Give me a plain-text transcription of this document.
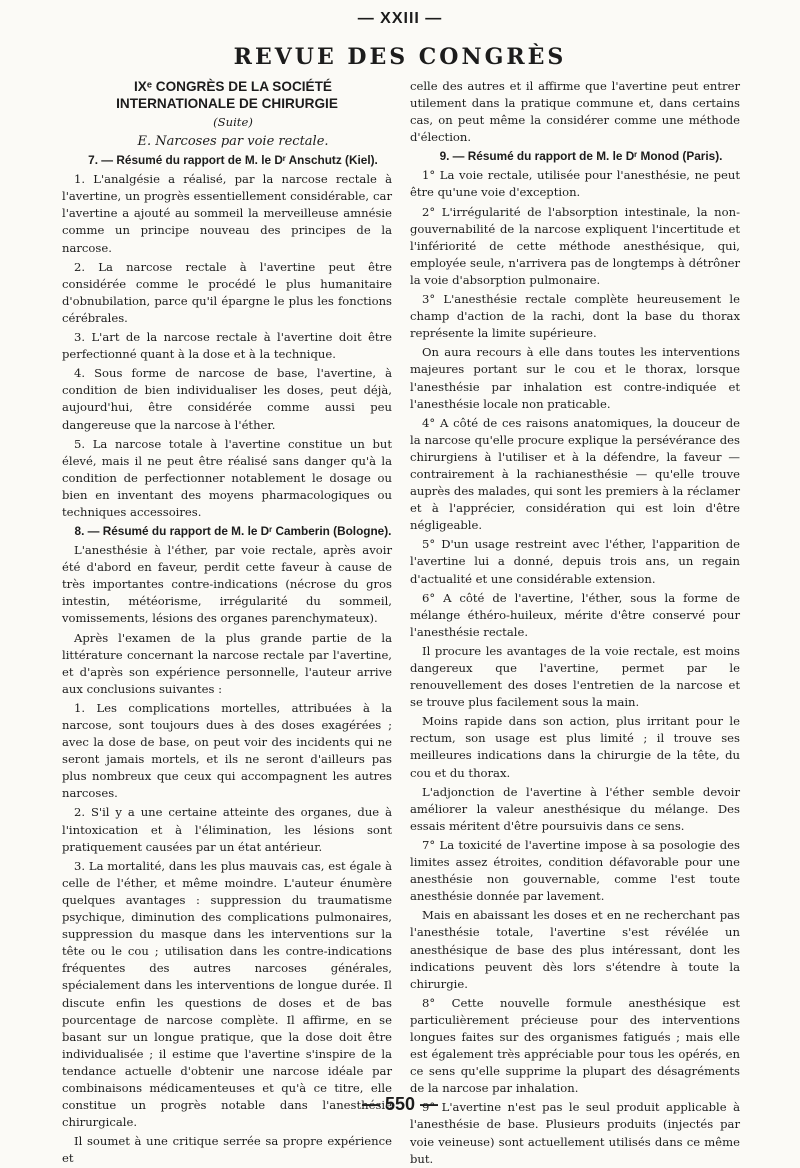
— XXIII —
REVUE DES CONGRÈS

IXᵉ CONGRÈS DE LA SOCIÉTÉ INTERNATIONALE DE CHIRURGIE

(Suite)

E. Narcoses par voie rectale.

7. — Résumé du rapport de M. le Dʳ Anschutz (Kiel).

1. L'analgésie a réalisé, par la narcose rectale à l'avertine, un progrès essentiellement considérable, car l'avertine a ajouté au sommeil la merveilleuse amnésie comme un principe nouveau des principes de la narcose.

2. La narcose rectale à l'avertine peut être considérée comme le procédé le plus humanitaire d'obnubilation, parce qu'il épargne le plus les fonctions cérébrales.

3. L'art de la narcose rectale à l'avertine doit être perfectionné quant à la dose et à la technique.

4. Sous forme de narcose de base, l'avertine, à condition de bien individualiser les doses, peut déjà, aujourd'hui, être considérée comme aussi peu dangereuse que la narcose à l'éther.

5. La narcose totale à l'avertine constitue un but élevé, mais il ne peut être réalisé sans danger qu'à la condition de perfectionner notablement le dosage ou bien en inventant des moyens pharmacologiques ou techniques accessoires.

8. — Résumé du rapport de M. le Dʳ Camberin (Bologne).

L'anesthésie à l'éther, par voie rectale, après avoir été d'abord en faveur, perdit cette faveur à cause de très importantes contre-indications (nécrose du gros intestin, météorisme, irrégularité du sommeil, vomissements, lésions des organes parenchymateux).

Après l'examen de la plus grande partie de la littérature concernant la narcose rectale par l'avertine, et d'après son expérience personnelle, l'auteur arrive aux conclusions suivantes :

1. Les complications mortelles, attribuées à la narcose, sont toujours dues à des doses exagérées ; avec la dose de base, on peut voir des incidents qui ne seront jamais mortels, et ils ne seront d'ailleurs pas plus nombreux que ceux qui accompagnent les autres narcoses.

2. S'il y a une certaine atteinte des organes, due à l'intoxication et à l'élimination, les lésions sont pratiquement causées par un état antérieur.

3. La mortalité, dans les plus mauvais cas, est égale à celle de l'éther, et même moindre. L'auteur énumère quelques avantages : suppression du traumatisme psychique, diminution des complications pulmonaires, suppression du masque dans les interventions sur la tête ou le cou ; utilisation dans les contre-indications fréquentes des autres narcoses générales, spécialement dans les interventions de longue durée. Il discute enfin les questions de doses et de bas pourcentage de narcose complète. Il affirme, en se basant sur un longue pratique, que la dose doit être individualisée ; il estime que l'avertine s'inspire de la tendance actuelle d'obtenir une narcose idéale par combinaisons médicamenteuses et qu'à ce titre, elle constitue un progrès notable dans l'anesthésie chirurgicale.

Il soumet à une critique serrée sa propre expérience et

celle des autres et il affirme que l'avertine peut entrer utilement dans la pratique commune et, dans certains cas, on peut même la considérer comme une méthode d'élection.

9. — Résumé du rapport de M. le Dʳ Monod (Paris).

1° La voie rectale, utilisée pour l'anesthésie, ne peut être qu'une voie d'exception.

2° L'irrégularité de l'absorption intestinale, la non-gouvernabilité de la narcose expliquent l'incertitude et l'infériorité de cette méthode anesthésique, qui, employée seule, n'arrivera pas de longtemps à détrôner la voie d'absorption pulmonaire.

3° L'anesthésie rectale complète heureusement le champ d'action de la rachi, dont la base du thorax représente la limite supérieure.

On aura recours à elle dans toutes les interventions majeures portant sur le cou et le thorax, lorsque l'anesthésie par inhalation est contre-indiquée et l'anesthésie locale non praticable.

4° A côté de ces raisons anatomiques, la douceur de la narcose qu'elle procure explique la persévérance des chirurgiens à l'utiliser et à la défendre, la faveur — contrairement à la rachianesthésie — qu'elle trouve auprès des malades, qui sont les premiers à la réclamer et à l'apprécier, considération qui est loin d'être négligeable.

5° D'un usage restreint avec l'éther, l'apparition de l'avertine lui a donné, depuis trois ans, un regain d'actualité et une considérable extension.

6° A côté de l'avertine, l'éther, sous la forme de mélange éthéro-huileux, mérite d'être conservé pour l'anesthésie rectale.

Il procure les avantages de la voie rectale, est moins dangereux que l'avertine, permet par le renouvellement des doses l'entretien de la narcose et se trouve plus facilement sous la main.

Moins rapide dans son action, plus irritant pour le rectum, son usage est plus limité ; il trouve ses meilleures indications dans la chirurgie de la tête, du cou et du thorax.

L'adjonction de l'avertine à l'éther semble devoir améliorer la valeur anesthésique du mélange. Des essais méritent d'être poursuivis dans ce sens.

7° La toxicité de l'avertine impose à sa posologie des limites assez étroites, condition défavorable pour une anesthésie non gouvernable, comme l'est toute anesthésie donnée par lavement.

Mais en abaissant les doses et en ne recherchant pas l'anesthésie totale, l'avertine s'est révélée un anesthésique de base des plus intéressant, dont les indications peuvent dès lors s'étendre à toute la chirurgie.

8° Cette nouvelle formule anesthésique est particulièrement précieuse pour des interventions longues faites sur des organismes fatigués ; mais elle est également très appréciable pour tous les opérés, en ce sens qu'elle supprime la plupart des désagréments de la narcose par inhalation.

9° L'avertine n'est pas le seul produit applicable à l'anesthésie de base. Plusieurs produits (injectés par voie veineuse) sont actuellement utilisés dans ce même but.

— 550 —
